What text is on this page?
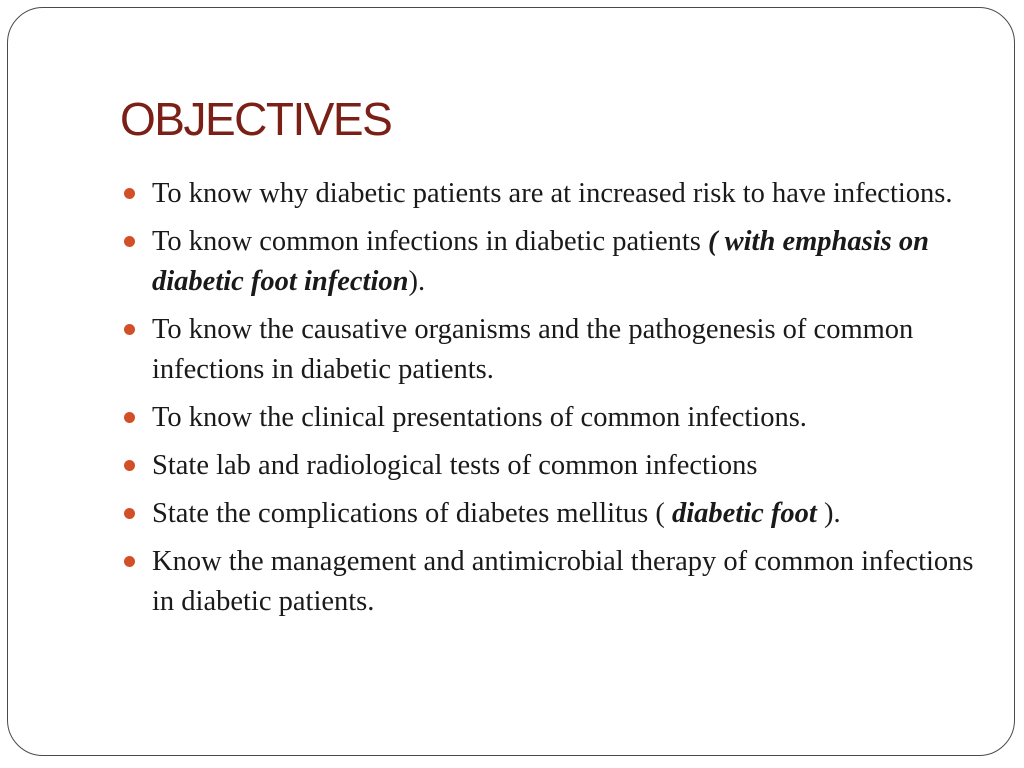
OBJECTIVES
To know why diabetic patients are at increased risk to have infections.
To know common infections in diabetic patients ( with emphasis on diabetic foot infection).
To know the causative organisms and the pathogenesis of common infections in diabetic patients.
To know the clinical presentations of common infections.
State lab and radiological tests of common infections
State the complications of diabetes mellitus ( diabetic foot ).
Know the management and antimicrobial therapy of common infections in diabetic patients.
